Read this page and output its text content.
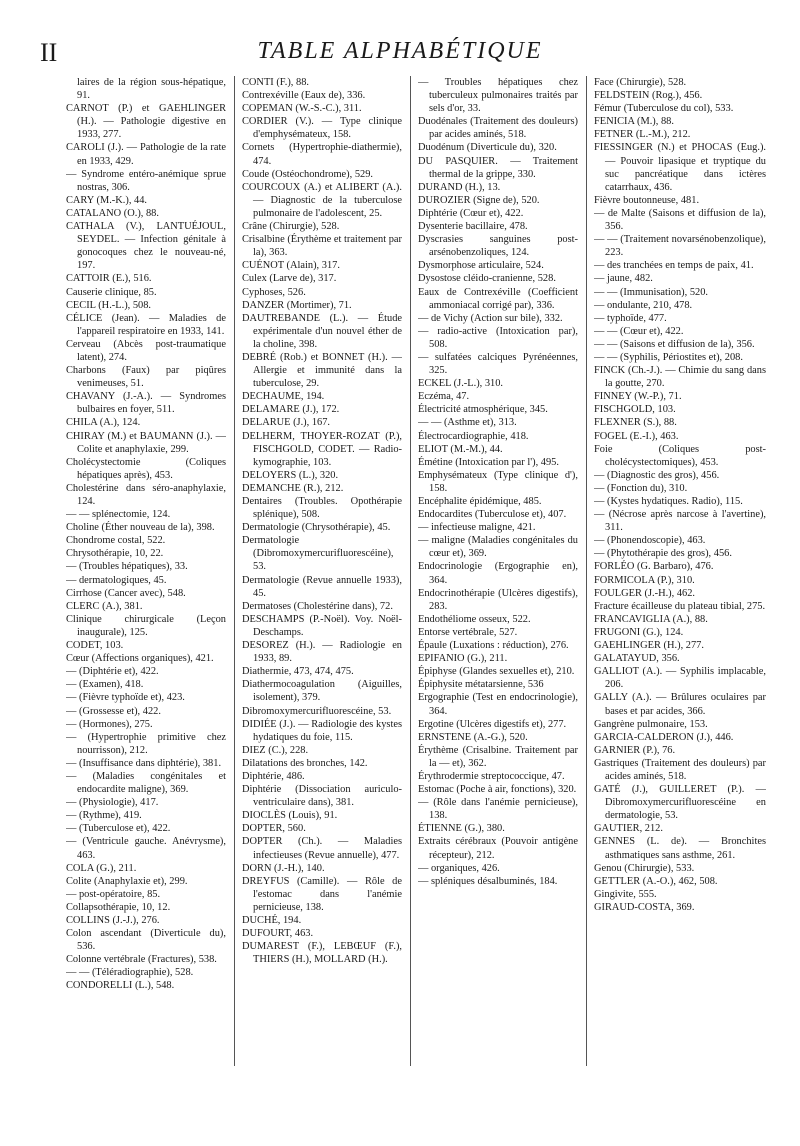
II	TABLE ALPHABÉTIQUE
laires de la région sous-hépatique, 91.
CARNOT (P.) et GAEHLINGER (H.). — Pathologie digestive en 1933, 277.
CAROLI (J.). — Pathologie de la rate en 1933, 429.
— Syndrome entéro-anémique sprue nostras, 306.
CARY (M.-K.), 44.
CATALANO (O.), 88.
CATHALA (V.), LANTUÉJOUL, SEYDEL. — Infection génitale à gonocoques chez le nouveau-né, 197.
CATTOIR (E.), 516.
Causerie clinique, 85.
CECIL (H.-L.), 508.
CÉLICE (Jean). — Maladies de l'appareil respiratoire en 1933, 141.
Cerveau (Abcès post-traumatique latent), 274.
Charbons (Faux) par piqûres venimeuses, 51.
CHAVANY (J.-A.). — Syndromes bulbaires en foyer, 511.
CHILA (A.), 124.
CHIRAY (M.) et BAUMANN (J.). — Colite et anaphylaxie, 299.
Cholécystectomie (Coliques hépatiques après), 453.
Cholestérine dans séro-anaphylaxie, 124.
— — splénectomie, 124.
Choline (Éther nouveau de la), 398.
Chondrome costal, 522.
Chrysothérapie, 10, 22.
— (Troubles hépatiques), 33.
— dermatologiques, 45.
Cirrhose (Cancer avec), 548.
CLERC (A.), 381.
Clinique chirurgicale (Leçon inaugurale), 125.
CODET, 103.
Cœur (Affections organiques), 421.
— (Diphtérie et), 422.
— (Examen), 418.
— (Fièvre typhoïde et), 423.
— (Grossesse et), 422.
— (Hormones), 275.
— (Hypertrophie primitive chez nourrisson), 212.
— (Insuffisance dans diphtérie), 381.
— (Maladies congénitales et endocardite maligne), 369.
— (Physiologie), 417.
— (Rythme), 419.
— (Tuberculose et), 422.
— (Ventricule gauche. Anévrysme), 463.
COLA (G.), 211.
Colite (Anaphylaxie et), 299.
— post-opératoire, 85.
Collapsothérapie, 10, 12.
COLLINS (J.-J.), 276.
Colon ascendant (Diverticule du), 536.
Colonne vertébrale (Fractures), 538.
— — (Téléradiographie), 528.
CONDORELLI (L.), 548.
CONTI (F.), 88.
Contrexéville (Eaux de), 336.
COPEMAN (W.-S.-C.), 311.
CORDIER (V.). — Type clinique d'emphysémateux, 158.
Cornets (Hypertrophie-diathermie), 474.
Coude (Ostéochondrome), 529.
COURCOUX (A.) et ALIBERT (A.). — Diagnostic de la tuberculose pulmonaire de l'adolescent, 25.
Crâne (Chirurgie), 528.
Crisalbine (Érythème et traitement par la), 363.
CUÉNOT (Alain), 317.
Culex (Larve de), 317.
Cyphoses, 526.
DANZER (Mortimer), 71.
DAUTREBANDE (L.). — Étude expérimentale d'un nouvel éther de la choline, 398.
DEBRÉ (Rob.) et BONNET (H.). — Allergie et immunité dans la tuberculose, 29.
DECHAUME, 194.
DELAMARE (J.), 172.
DELARUE (J.), 167.
DELHERM, THOYER-ROZAT (P.), FISCHGOLD, CODET. — Radio-kymographie, 103.
DELOYERS (L.), 320.
DEMANCHE (R.), 212.
Dentaires (Troubles. Opothérapie splénique), 508.
Dermatologie (Chrysothérapie), 45.
Dermatologie (Dibromoxymercurifluorescéine), 53.
Dermatologie (Revue annuelle 1933), 45.
Dermatoses (Cholestérine dans), 72.
DESCHAMPS (P.-Noël). Voy. Noël-Deschamps.
DESOREZ (H.). — Radiologie en 1933, 89.
Diathermie, 473, 474, 475.
Diathermocoagulation (Aiguilles, isolement), 379.
Dibromoxymercurifluorescéine, 53.
DIDIÉE (J.). — Radiologie des kystes hydatiques du foie, 115.
DIEZ (C.), 228.
Dilatations des bronches, 142.
Diphtérie, 486.
Diphtérie (Dissociation auriculo-ventriculaire dans), 381.
DIOCLÈS (Louis), 91.
DOPTER, 560.
DOPTER (Ch.). — Maladies infectieuses (Revue annuelle), 477.
DORN (J.-H.), 140.
DREYFUS (Camille). — Rôle de l'estomac dans l'anémie pernicieuse, 138.
DUCHÉ, 194.
DUFOURT, 463.
DUMAREST (F.), LEBŒUF (F.), THIERS (H.), MOLLARD (H.).
— Troubles hépatiques chez tuberculeux pulmonaires traités par sels d'or, 33.
Duodénales (Traitement des douleurs) par acides aminés, 518.
Duodénum (Diverticule du), 320.
DU PASQUIER. — Traitement thermal de la grippe, 330.
DURAND (H.), 13.
DUROZIER (Signe de), 520.
Diphtérie (Cœur et), 422.
Dysenterie bacillaire, 478.
Dyscrasies sanguines post-arsénobenzoliques, 124.
Dysmorphose articulaire, 524.
Dysostose cléido-cranienne, 528.
Eaux de Contrexéville (Coefficient ammoniacal corrigé par), 336.
— de Vichy (Action sur bile), 332.
— radio-active (Intoxication par), 508.
— sulfatées calciques Pyrénéennes, 325.
ECKEL (J.-L.), 310.
Eczéma, 47.
Électricité atmosphérique, 345.
— — (Asthme et), 313.
Électrocardiographie, 418.
ELIOT (M.-M.), 44.
Émétine (Intoxication par l'), 495.
Emphysémateux (Type clinique d'), 158.
Encéphalite épidémique, 485.
Endocardites (Tuberculose et), 407.
— infectieuse maligne, 421.
— maligne (Maladies congénitales du cœur et), 369.
Endocrinologie (Ergographie en), 364.
Endocrinothérapie (Ulcères digestifs), 283.
Endothéliome osseux, 522.
Entorse vertébrale, 527.
Épaule (Luxations : réduction), 276.
EPIFANIO (G.), 211.
Épiphyse (Glandes sexuelles et), 210.
Épiphysite métatarsienne, 536
Ergographie (Test en endocrinologie), 364.
Ergotine (Ulcères digestifs et), 277.
ERNSTENE (A.-G.), 520.
Érythème (Crisalbine. Traitement par la — et), 362.
Érythrodermie streptococcique, 47.
Estomac (Poche à air, fonctions), 320.
— (Rôle dans l'anémie pernicieuse), 138.
ÉTIENNE (G.), 380.
Extraits cérébraux (Pouvoir antigène récepteur), 212.
— organiques, 426.
— spléniques désalbuminés, 184.
Face (Chirurgie), 528.
FELDSTEIN (Rog.), 456.
Fémur (Tuberculose du col), 533.
FENICIA (M.), 88.
FETNER (L.-M.), 212.
FIESSINGER (N.) et PHOCAS (Eug.). — Pouvoir lipasique et tryptique du suc pancréatique dans ictères catarrhaux, 436.
Fièvre boutonneuse, 481.
— de Malte (Saisons et diffusion de la), 356.
— — (Traitement novarsénobenzolique), 223.
— des tranchées en temps de paix, 41.
— jaune, 482.
— — (Immunisation), 520.
— ondulante, 210, 478.
— typhoïde, 477.
— — (Cœur et), 422.
— — (Saisons et diffusion de la), 356.
— — (Syphilis, Périostites et), 208.
FINCK (Ch.-J.). — Chimie du sang dans la goutte, 270.
FINNEY (W.-P.), 71.
FISCHGOLD, 103.
FLEXNER (S.), 88.
FOGEL (E.-I.), 463.
Foie (Coliques post-cholécystectomiques), 453.
— (Diagnostic des gros), 456.
— (Fonction du), 310.
— (Kystes hydatiques. Radio), 115.
— (Nécrose après narcose à l'avertine), 311.
— (Phonendoscopie), 463.
— (Phytothérapie des gros), 456.
FORLÉO (G. Barbaro), 476.
FORMICOLA (P.), 310.
FOULGER (J.-H.), 462.
Fracture écailleuse du plateau tibial, 275.
FRANCAVIGLIA (A.), 88.
FRUGONI (G.), 124.
GAEHLINGER (H.), 277.
GALATAYUD, 356.
GALLIOT (A.). — Syphilis implacable, 206.
GALLY (A.). — Brûlures oculaires par bases et par acides, 366.
Gangrène pulmonaire, 153.
GARCIA-CALDERON (J.), 446.
GARNIER (P.), 76.
Gastriques (Traitement des douleurs) par acides aminés, 518.
GATÉ (J.), GUILLERET (P.). — Dibromoxymercurifluorescéine en dermatologie, 53.
GAUTIER, 212.
GENNES (L. de). — Bronchites asthmatiques sans asthme, 261.
Genou (Chirurgie), 533.
GETTLER (A.-O.), 462, 508.
Gingivite, 555.
GIRAUD-COSTA, 369.
